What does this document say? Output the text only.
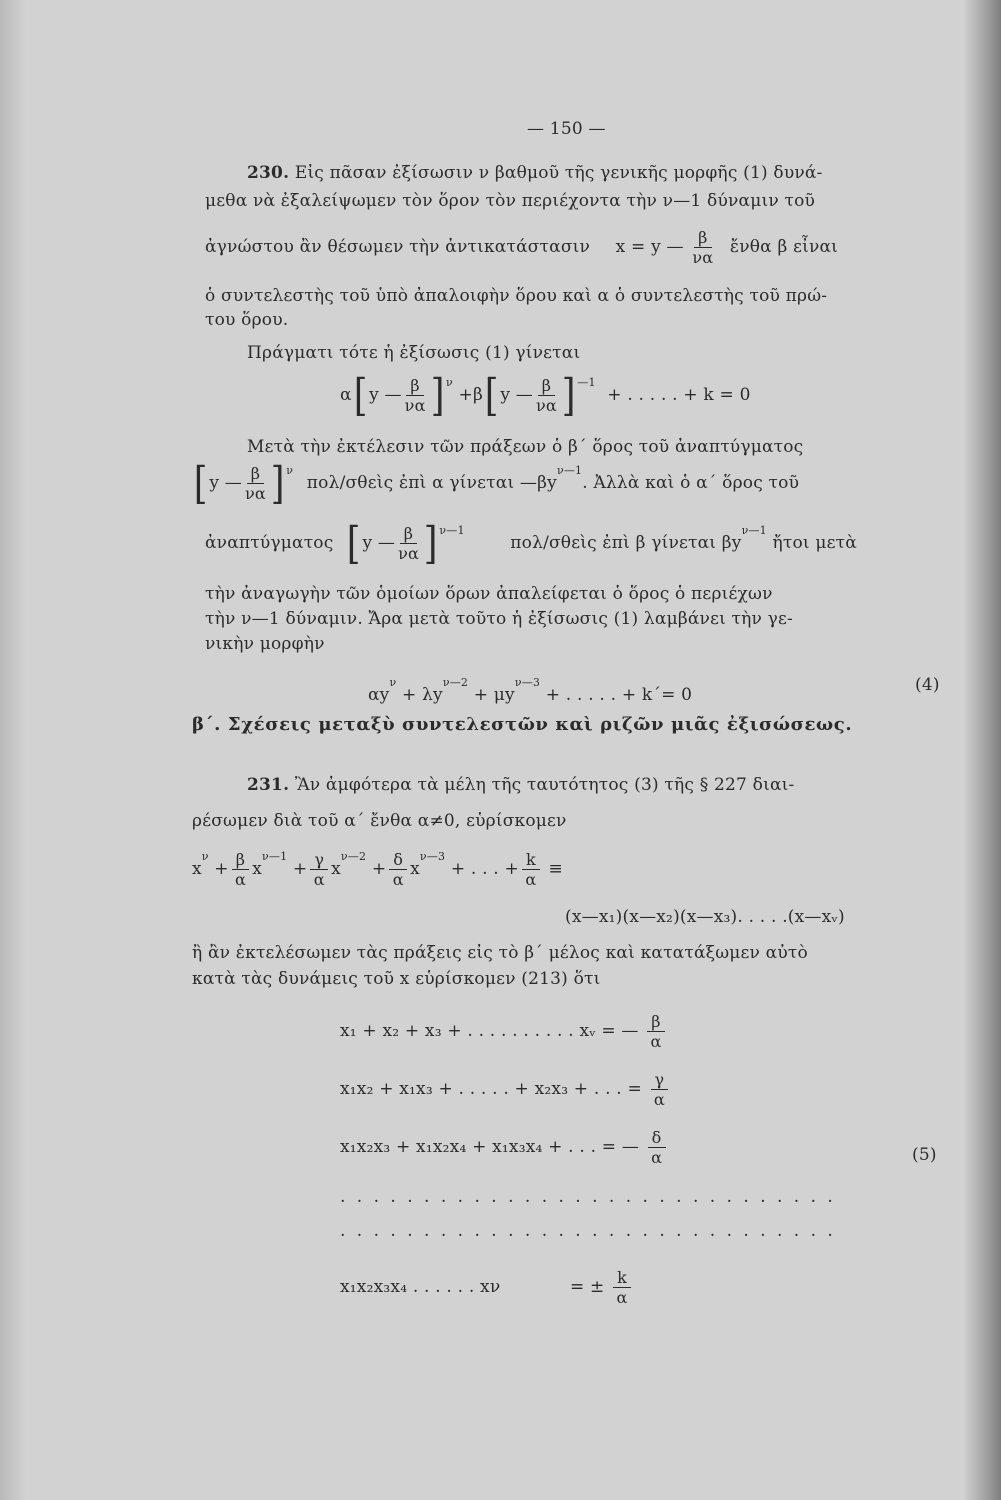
— 150 —
230. Εἰς πᾶσαν ἐξίσωσιν ν βαθμοῦ τῆς γενικῆς μορφῆς (1) δυνά-
μεθα νὰ ἐξαλείψωμεν τὸν ὅρον τὸν περιέχοντα τὴν ν—1 δύναμιν τοῦ
ἀγνώστου ἂν θέσωμεν τὴν ἀντικατάστασιν x = y — $\frac{\beta}{\nu\alpha}$ ἔνθα β εἶναι
ὁ συντελεστὴς τοῦ ὑπὸ ἀπαλοιφὴν ὅρου καὶ α ὁ συντελεστὴς τοῦ πρώ-
του ὅρου.
Πράγματι τότε ἡ ἐξίσωσις (1) γίνεται
α[ y — $\frac{\beta}{\nu\alpha}$ ] $^\nu$ +β[ y — $\frac{\beta}{\nu\alpha}$ ] $^{—1}$ + . . . . . + k = 0
Μετὰ τὴν ἐκτέλεσιν τῶν πράξεων ὁ β΄ ὅρος τοῦ ἀναπτύγματος
[ y — $\frac{\beta}{\nu\alpha}$ ] $^\nu$ πολ/σθεὶς ἐπὶ α γίνεται $—\beta y^{\nu—1}$. Ἀλλὰ καὶ ὁ α΄ ὅρος τοῦ
ἀναπτύγματος [ y — $\frac{\beta}{\nu\alpha}$ ] $^{\nu—1}$ πολ/σθεὶς ἐπὶ β γίνεται $\beta y^{\nu—1}$ ἤτοι μετὰ
τὴν ἀναγωγὴν τῶν ὁμοίων ὅρων ἀπαλείφεται ὁ ὅρος ὁ περιέχων
τὴν ν—1 δύναμιν. Ἄρα μετὰ τοῦτο ἡ ἐξίσωσις (1) λαμβάνει τὴν γε-
νικὴν μορφὴν
$\alpha y^\nu + \lambda y^{\nu—2} + \mu y^{\nu—3}$ + . . . . . + k΄= 0	(4)
β΄. Σχέσεις μεταξὺ συντελεστῶν καὶ ριζῶν μιᾶς ἐξισώσεως.
231. Ἂν ἀμφότερα τὰ μέλη τῆς ταυτότητος (3) τῆς § 227 διαι-
ρέσωμεν διὰ τοῦ α΄ ἔνθα α≠0, εὑρίσκομεν
$x^\nu + \frac{\beta}{\alpha} x^{\nu—1} + \frac{\gamma}{\alpha} x^{\nu—2} + \frac{\delta}{\alpha} x^{\nu—3}$ + . . . + $\frac{k}{\alpha}$ ≡
(x—x₁)(x—x₂)(x—x₃). . . . .(x—xᵥ)
ἢ ἂν ἐκτελέσωμεν τὰς πράξεις εἰς τὸ β΄ μέλος καὶ κατατάξωμεν αὐτὸ
κατὰ τὰς δυνάμεις τοῦ x εὑρίσκομεν (213) ὅτι
x₁ + x₂ + x₃ + . . . . . . . . . . xᵥ = — $\frac{\beta}{\alpha}$
x₁x₂ + x₁x₃ + . . . . . + x₂x₃ + . . . = $\frac{\gamma}{\alpha}$
x₁x₂x₃ + x₁x₂x₄ + x₁x₃x₄ + . . . = — $\frac{\delta}{\alpha}$	(5)
. . . . . . . . . . . . . . . . . . . . . . . . . . . . . .
. . . . . . . . . . . . . . . . . . . . . . . . . . . . . .
x₁x₂x₃x₄ . . . . . . xν	= ± $\frac{k}{\alpha}$
